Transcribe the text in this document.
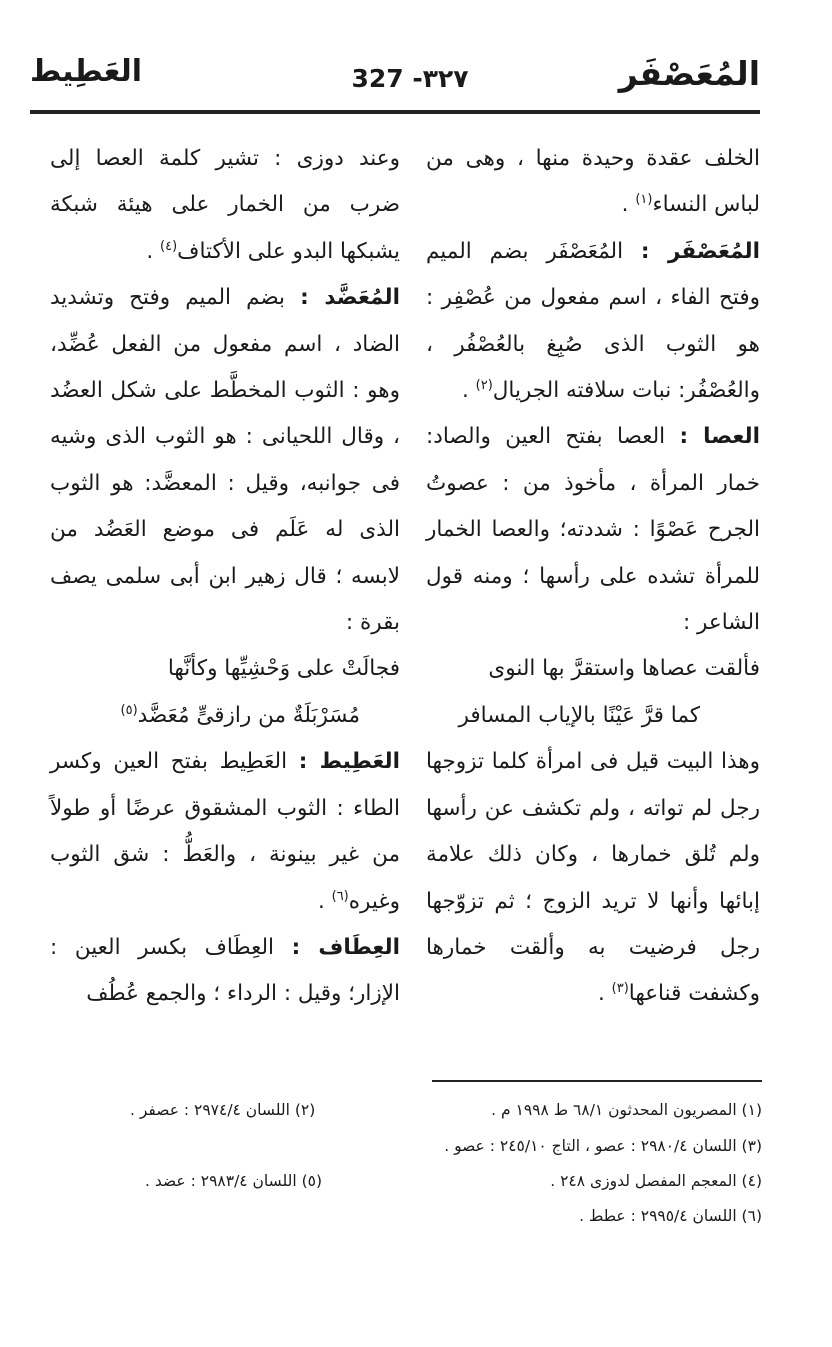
المُعَصْفَر
327 -٣٢٧
العَطِيط

الخلف عقدة وحيدة منها ، وهى من لباس النساء$^{(١)}$ .

المُعَصْفَر : المُعَصْفَر بضم الميم وفتح الفاء ، اسم مفعول من عُصْفِر : هو الثوب الذى صُبِغ بالعُصْفُر ، والعُصْفُر: نبات سلافته الجريال$^{(٢)}$ .

العصا : العصا بفتح العين والصاد: خمار المرأة ، مأخوذ من : عصوتُ الجرح عَصْوًا : شددته؛ والعصا الخمار للمرأة تشده على رأسها ؛ ومنه قول الشاعر :

فألقت عصاها واستقرَّ بها النوى
كما قرَّ عَيْنًا بالإياب المسافر

وهذا البيت قيل فى امرأة كلما تزوجها رجل لم تواته ، ولم تكشف عن رأسها ولم تُلق خمارها ، وكان ذلك علامة إبائها وأنها لا تريد الزوج ؛ ثم تزوّجها رجل فرضيت به وألقت خمارها وكشفت قناعها$^{(٣)}$ .

وعند دوزى : تشير كلمة العصا إلى ضرب من الخمار على هيئة شبكة يشبكها البدو على الأكتاف$^{(٤)}$ .

المُعَضَّد : بضم الميم وفتح وتشديد الضاد ، اسم مفعول من الفعل عُضِّد، وهو : الثوب المخطَّط على شكل العضُد ، وقال اللحيانى : هو الثوب الذى وشيه فى جوانبه، وقيل : المعضَّد: هو الثوب الذى له عَلَم فى موضع العَضُد من لابسه ؛ قال زهير ابن أبى سلمى يصف بقرة :

فجالَتْ على وَحْشِيِّها وكأنَّها
مُسَرْبَلَةٌ من رازقىٍّ مُعَضَّد$^{(٥)}$

العَطِيط : العَطِيط بفتح العين وكسر الطاء : الثوب المشقوق عرضًا أو طولاً من غير بينونة ، والعَطُّ : شق الثوب وغيره$^{(٦)}$ .

العِطَاف : العِطَاف بكسر العين : الإزار؛ وقيل : الرداء ؛ والجمع عُطُف

(١) المصريون المحدثون ٦٨/١ ط ١٩٩٨ م .
(٢) اللسان ٢٩٧٤/٤ : عصفر .
(٣) اللسان ٢٩٨٠/٤ : عصو ، التاج ٢٤٥/١٠ : عصو .
(٤) المعجم المفصل لدوزى ٢٤٨ .
(٥) اللسان ٢٩٨٣/٤ : عضد .
(٦) اللسان ٢٩٩٥/٤ : عطط .
